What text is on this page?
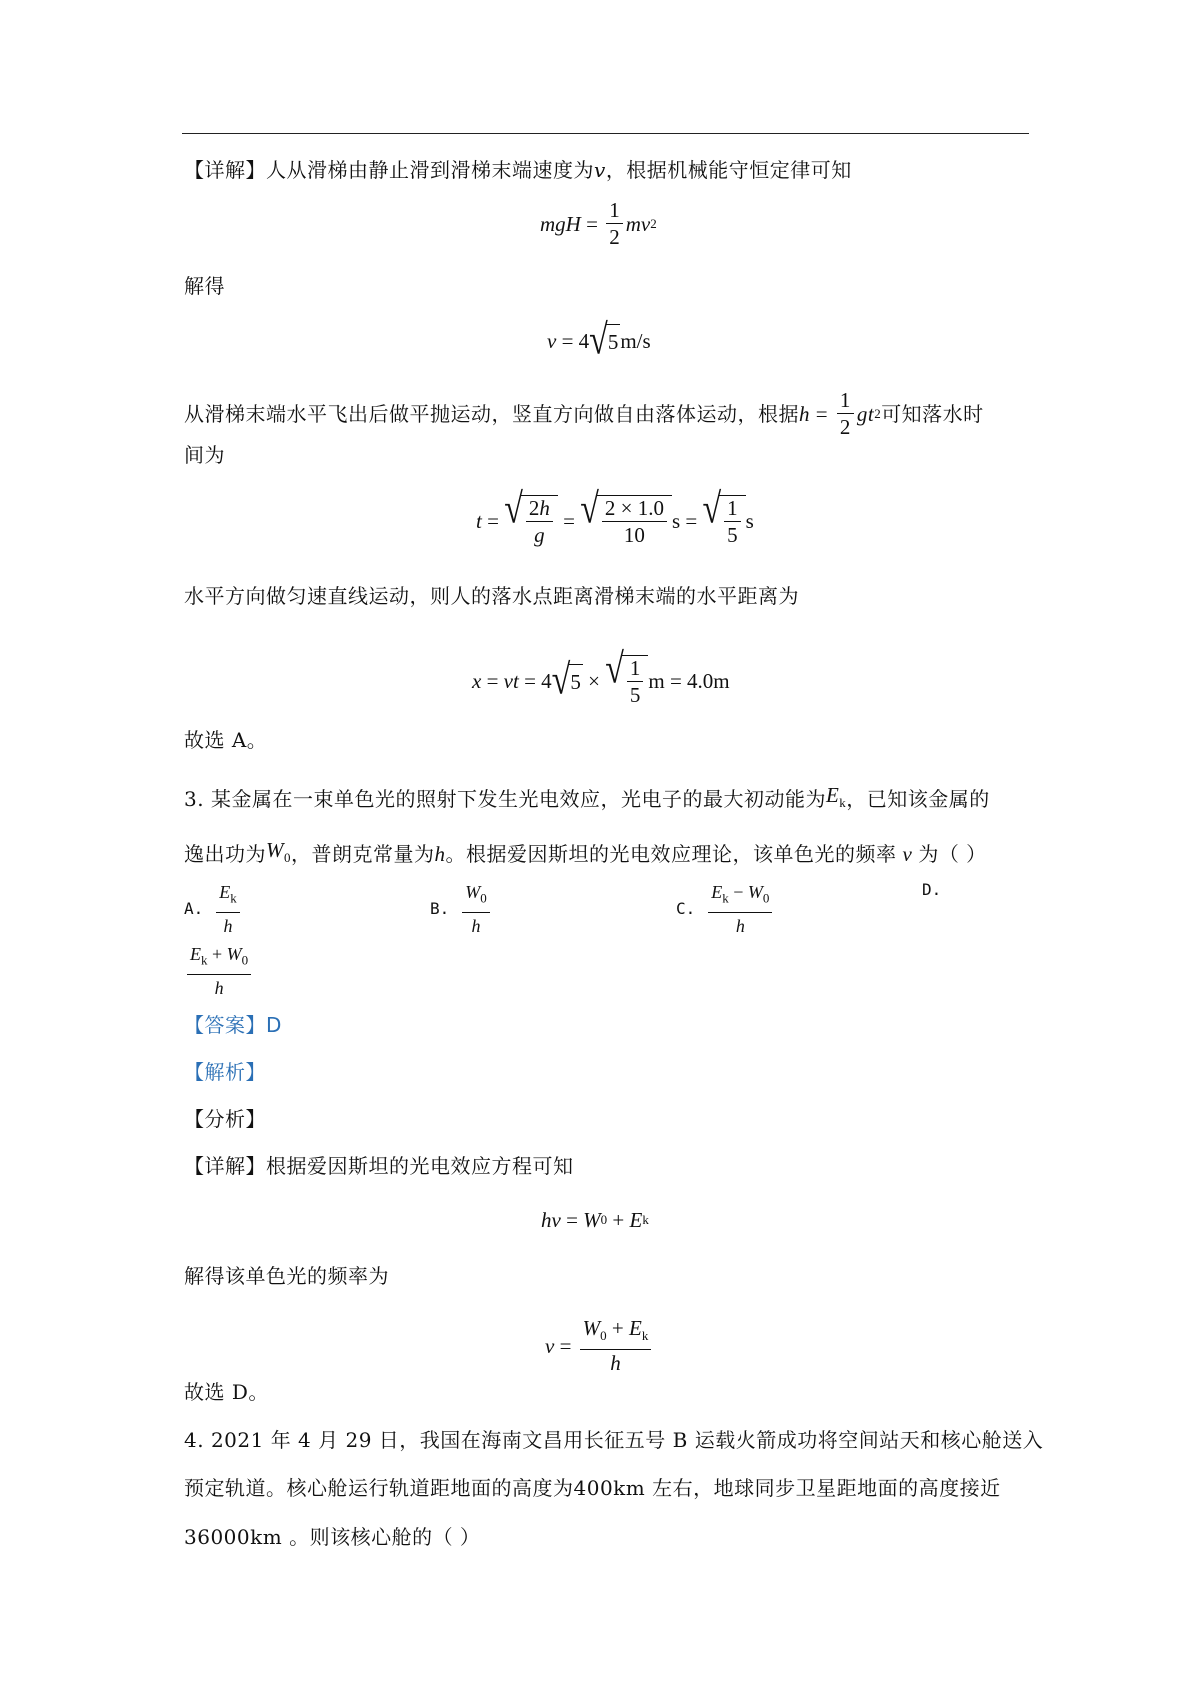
【详解】人从滑梯由静止滑到滑梯末端速度为v，根据机械能守恒定律可知
mgH = $\frac{1}{2}$ mv 2
解得
v = 4 √ 5 m/s
从滑梯末端水平飞出后做平抛运动，竖直方向做自由落体运动，根据 $h = \frac{1}{2}$ gt 2 可知落水时
间为
t = √ $\frac{2h}{g}$ = √ $\frac{2 \times 1.0}{10}$ s = √ $\frac{1}{5}$ s
水平方向做匀速直线运动，则人的落水点距离滑梯末端的水平距离为
x = vt = 4 √ 5 × √ $\frac{1}{5}$ m = 4.0m
故选 A。
3. 某金属在一束单色光的照射下发生光电效应，光电子的最大初动能为 $E_k$ ，已知该金属的
逸出功为 $W_0$ ，普朗克常量为 h 。根据爱因斯坦的光电效应理论，该单色光的频率 ν 为（ ）
A. $\frac{E_k}{h}$	B. $\frac{W_0}{h}$	C. $\frac{E_k - W_0}{h}$	D.
$\frac{E_k + W_0}{h}$
【答案】D
【解析】
【分析】
【详解】根据爱因斯坦的光电效应方程可知
hν = W 0 + E k
解得该单色光的频率为
$\nu = \frac{W_0 + E_k}{h}$
故选 D。
4. 2021 年 4 月 29 日，我国在海南文昌用长征五号 B 运载火箭成功将空间站天和核心舱送入
预定轨道。核心舱运行轨道距地面的高度为400km 左右，地球同步卫星距地面的高度接近
36000km 。则该核心舱的（ ）
